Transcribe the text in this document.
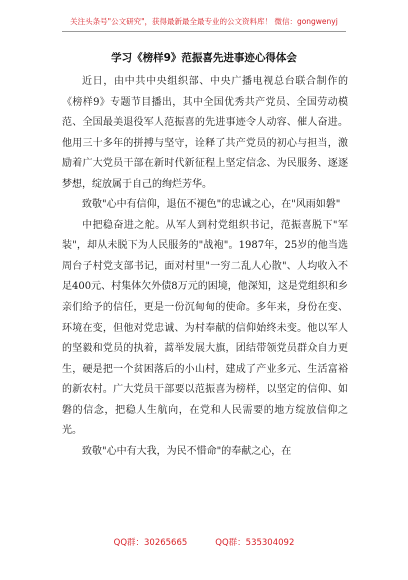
关注头条号"公文研究"，获得最新最全最专业的公文资料库！ 微信：gongwenyj
学习《榜样9》范振喜先进事迹心得体会

近日，由中共中央组织部、中央广播电视总台联合制作的《榜样9》专题节目播出，其中全国优秀共产党员、全国劳动模范、全国最美退役军人范振喜的先进事迹令人动容、催人奋进。他用三十多年的拼搏与坚守，诠释了共产党员的初心与担当，激励着广大党员干部在新时代新征程上坚定信念、为民服务、逐逐梦想，绽放属于自己的绚烂芳华。

致敬"心中有信仰，退伍不褪色"的忠诚之心，在"风雨如磐"

中把稳奋进之舵。从军人到村党组织书记，范振喜脱下"军装"，却从未脱下为人民服务的"战袍"。1987年，25岁的他当选周台子村党支部书记，面对村里"一穷二乱人心散"、人均收入不足400元、村集体欠外债8万元的困境，他深知，这是党组织和乡亲们给予的信任，更是一份沉甸甸的使命。多年来，身份在变、环境在变，但他对党忠诚、为村奉献的信仰始终未变。他以军人的坚毅和党员的执着，蒿举发展大旗，团结带领党员群众自力更生，硬是把一个贫困落后的小山村，建成了产业多元、生活富裕的新农村。广大党员干部要以范振喜为榜样，以坚定的信仰、如磐的信念，把稳人生航向，在党和人民需要的地方绽放信仰之光。

致敬"心中有大我，为民不惜命"的奉献之心，在

QQ群：30265665	QQ群：535304092
